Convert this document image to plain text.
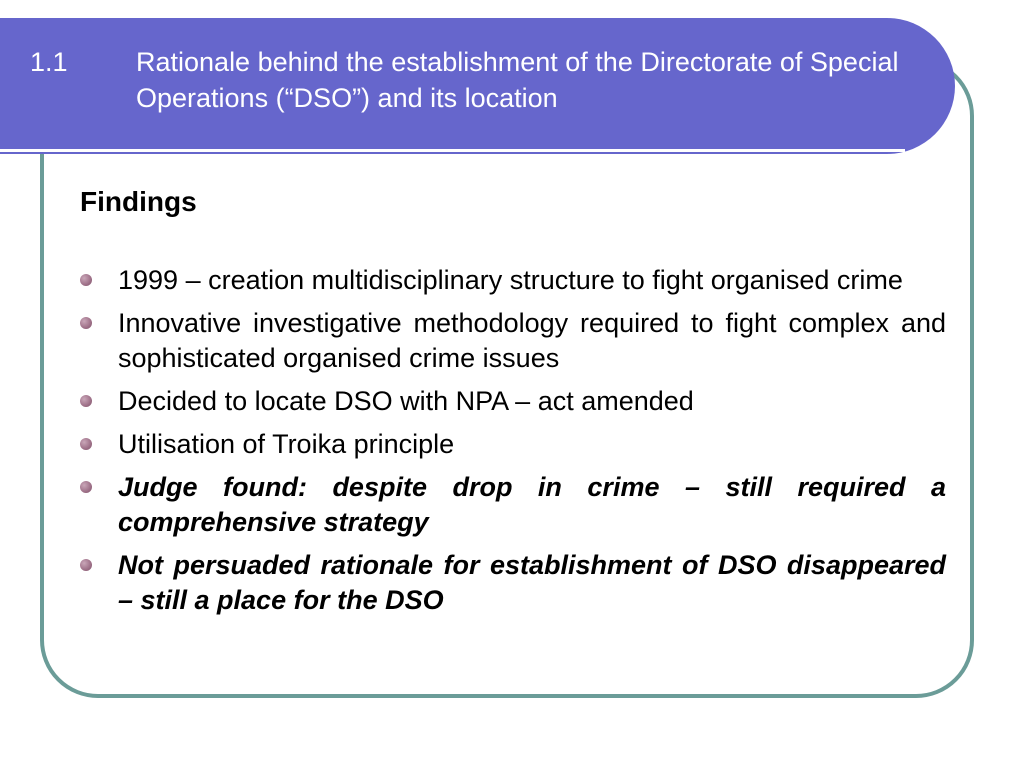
1.1	Rationale behind the establishment of the Directorate of Special Operations (“DSO”) and its location
Findings
1999 – creation multidisciplinary structure to fight organised crime
Innovative investigative methodology required to fight complex and sophisticated organised crime issues
Decided to locate DSO with NPA – act amended
Utilisation of Troika principle
Judge found: despite drop in crime – still required a comprehensive strategy
Not persuaded rationale for establishment of DSO disappeared – still a place for the DSO
